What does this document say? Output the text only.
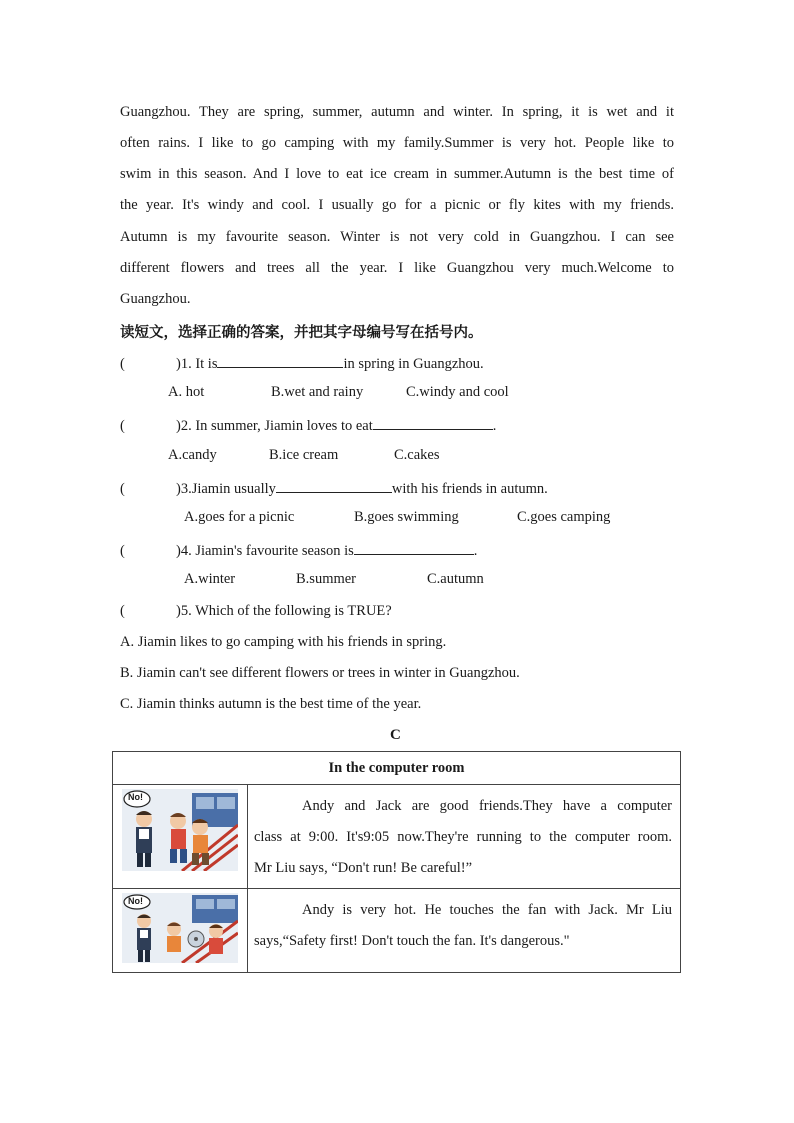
Guangzhou. They are spring, summer, autumn and winter. In spring, it is wet and it
often rains. I like to go camping with my family.Summer is very hot. People like to
swim in this season. And I love to eat ice cream in summer.Autumn is the best time of
the year. It's windy and cool. I usually go for a picnic or fly kites with my friends.
Autumn is my favourite season. Winter is not very cold in Guangzhou. I can see
different flowers and trees all the year. I like Guangzhou very much.Welcome to
Guangzhou.
读短文，选择正确的答案，并把其字母编号写在括号内。
(	)1. It is	in spring in Guangzhou.
A. hot	B.wet and rainy	C.windy and cool
(	)2. In summer, Jiamin loves to eat	.
A.candy	B.ice cream	C.cakes
(	)3.Jiamin usually	with his friends in autumn.
A.goes for a picnic	B.goes swimming	C.goes camping
(	)4. Jiamin's favourite season is	.
A.winter	B.summer	C.autumn
(	)5. Which of the following is TRUE?
A. Jiamin likes to go camping with his friends in spring.
B. Jiamin can't see different flowers or trees in winter in Guangzhou.
C. Jiamin thinks autumn is the best time of the year.
C
In the computer room	

No!	Andy and Jack are good friends.They have a computer
class at 9:00. It's9:05 now.They're running to the computer room.
Mr Liu says, “Don't run! Be careful!”

No!	Andy is very hot. He touches the fan with Jack. Mr Liu
says,“Safety first! Don't touch the fan. It's dangerous."
